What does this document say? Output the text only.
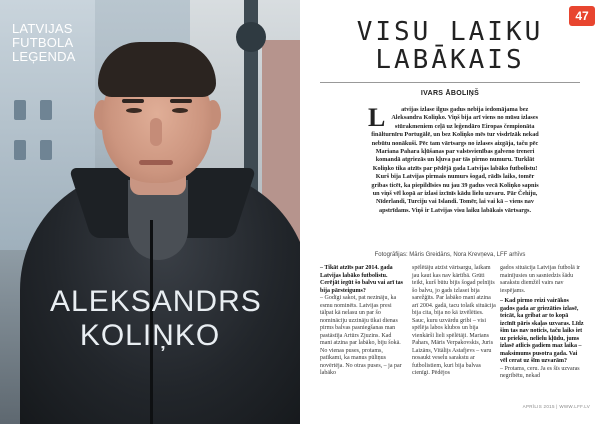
LATVIJAS
FUTBOLA
LEĢENDA
ALEKSANDRS
KOLIŅKO
47
VISU LAIKU
LABĀKAIS
IVARS ĀBOLIŅŠ
L	atvijas izlase ilgus gadus nebija iedomājama bez Aleksandra Koliņko. Viņš bija arī viens no mūsu izlases stūrakmeniem ceļā uz leģendāro Eiropas čempionāta finālturnīru Portugālē, un bez Koliņko mēs tur visdrīzāk nekad nebūtu nonākuši. Pēc tam vārtsargs no izlases aizgāja, taču pēc Mariana Pahara kļūšanas par valstsvienības galveno treneri komandā atgriezās un kļuva par tās pirmo numuru. Turklāt Koliņko tika atzīts par pēdējā gada Latvijas labāko futbolistu! Kurš bija Latvijas pirmais numurs šogad, rādīs laiks, tomēr gribas ticēt, ka piepildīsies nu jau 39 gadus vecā Koliņko sapnis un viņš vēl kopā ar izlasi izcīnīs kādu lielu uzvaru. Pār Čehiju, Nīderlandi, Turciju vai Islandi. Tomēr, lai vai kā – viens nav apstrīdams. Viņš ir Latvijas visu laiku labākais vārtsargs.
Fotogrāfijas: Māris Greidāns, Nora Krevņeva, LFF arhīvs
– Tikāt atzīts par 2014. gada Latvijas labāko futbolistu. Cerējāt iegūt šo balvu vai arī tas bija pārsteigums?
– Godīgi sakot, pat nezināju, ka esmu nominēts. Latvijas presi tālpat kā nelasu un par šo nomināciju uzzināju tikai dienas pirms balvas pasniegšanas man pastāstīja Artūrs Zjuzins. Kad mani atzina par labāko, biju šokā. No vienas puses, protams, patīkami, ka manus pūliņus novērtēja. No otras puses, – ja par labāko
spēlētāju atzīst vārtsargu, laikam jau kaut kas nav kārtībā. Grūti teikt, kurš būtu bijis šogad pelnījis šo balvu, jo gads izlasei bija sarežģīts. Par labāko mani atzina arī 2004. gadā, tacu tolaik situācija bija cita, bija no kā izvēlēties. Sauc, kuru uzvārdu gribi – visi spēlēja labos klubos un bija vienkārši lieli spēlētāji. Marians Pahars, Māris Verpakovskis, Juris Laizāns, Vitālijs Astafjevs – varu nosaukt veselu sarakstu ar futbolistiem, kuri bija balvas cienīgi. Pēdējos
gados situācija Latvijas futbolā ir mainījusies un sasniedzis šādu sarakstu diemžēl vairs nav iespējams.
– Kad pirmo reizi vairākos gados gada ar griezāties izlasē, teicāt, ka gribat ar to kopā izcīnīt pāris skaļas uzvaras. Līdz šim tas nav noticis, taču laiks iet uz priekšu, nelielu kļūdu, jums izlasē atlicis gadiem maz laika – maksimums pusotra gada. Vai vēl cerat uz šīm uzvarām?
– Protams, ceru. Ja es šīs uzvaras negribētu, nekad
APRĪLIS 2015 | WWW.LFF.LV
